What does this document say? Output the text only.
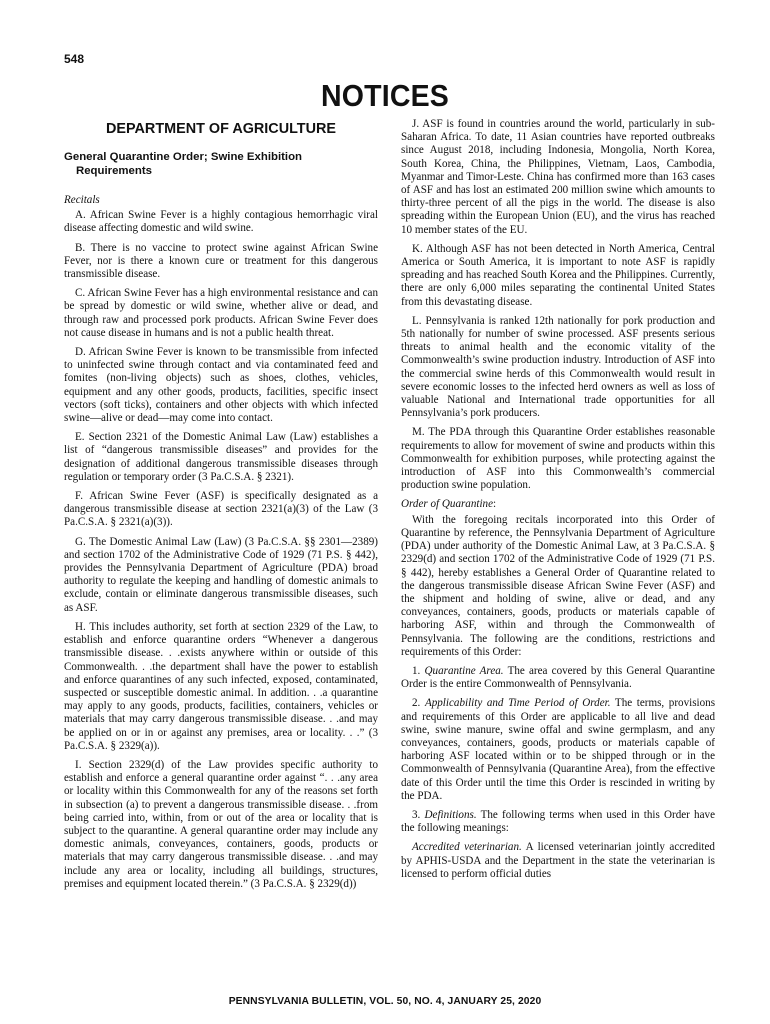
548
NOTICES
DEPARTMENT OF AGRICULTURE
General Quarantine Order; Swine Exhibition Requirements
Recitals

A. African Swine Fever is a highly contagious hemorrhagic viral disease affecting domestic and wild swine.

B. There is no vaccine to protect swine against African Swine Fever, nor is there a known cure or treatment for this dangerous transmissible disease.

C. African Swine Fever has a high environmental resistance and can be spread by domestic or wild swine, whether alive or dead, and through raw and processed pork products. African Swine Fever does not cause disease in humans and is not a public health threat.

D. African Swine Fever is known to be transmissible from infected to uninfected swine through contact and via contaminated feed and fomites (non-living objects) such as shoes, clothes, vehicles, equipment and any other goods, products, facilities, specific insect vectors (soft ticks), containers and other objects with which infected swine—alive or dead—may come into contact.

E. Section 2321 of the Domestic Animal Law (Law) establishes a list of “dangerous transmissible diseases” and provides for the designation of additional dangerous transmissible diseases through regulation or temporary order (3 Pa.C.S.A. § 2321).

F. African Swine Fever (ASF) is specifically designated as a dangerous transmissible disease at section 2321(a)(3) of the Law (3 Pa.C.S.A. § 2321(a)(3)).

G. The Domestic Animal Law (Law) (3 Pa.C.S.A. §§ 2301—2389) and section 1702 of the Administrative Code of 1929 (71 P.S. § 442), provides the Pennsylvania Department of Agriculture (PDA) broad authority to regulate the keeping and handling of domestic animals to exclude, contain or eliminate dangerous transmissible diseases, such as ASF.

H. This includes authority, set forth at section 2329 of the Law, to establish and enforce quarantine orders “Whenever a dangerous transmissible disease. . .exists anywhere within or outside of this Commonwealth. . .the department shall have the power to establish and enforce quarantines of any such infected, exposed, contaminated, suspected or susceptible domestic animal. In addition. . .a quarantine may apply to any goods, products, facilities, containers, vehicles or materials that may carry dangerous transmissible disease. . .and may be applied on or in or against any premises, area or locality. . .” (3 Pa.C.S.A. § 2329(a)).

I. Section 2329(d) of the Law provides specific authority to establish and enforce a general quarantine order against “. . .any area or locality within this Commonwealth for any of the reasons set forth in subsection (a) to prevent a dangerous transmissible disease. . .from being carried into, within, from or out of the area or locality that is subject to the quarantine. A general quarantine order may include any domestic animals, conveyances, containers, goods, products or materials that may carry dangerous transmissible disease. . .and may include any area or locality, including all buildings, structures, premises and equipment located therein.” (3 Pa.C.S.A. § 2329(d))

J. ASF is found in countries around the world, particularly in sub-Saharan Africa. To date, 11 Asian countries have reported outbreaks since August 2018, including Indonesia, Mongolia, North Korea, South Korea, China, the Philippines, Vietnam, Laos, Cambodia, Myanmar and Timor-Leste. China has confirmed more than 163 cases of ASF and has lost an estimated 200 million swine which amounts to thirty-three percent of all the pigs in the world. The disease is also spreading within the European Union (EU), and the virus has reached 10 member states of the EU.

K. Although ASF has not been detected in North America, Central America or South America, it is important to note ASF is rapidly spreading and has reached South Korea and the Philippines. Currently, there are only 6,000 miles separating the continental United States from this devastating disease.

L. Pennsylvania is ranked 12th nationally for pork production and 5th nationally for number of swine processed. ASF presents serious threats to animal health and the economic vitality of the Commonwealth’s swine production industry. Introduction of ASF into the commercial swine herds of this Commonwealth would result in severe economic losses to the infected herd owners as well as loss of valuable National and International trade opportunities for all Pennsylvania’s pork producers.

M. The PDA through this Quarantine Order establishes reasonable requirements to allow for movement of swine and products within this Commonwealth for exhibition purposes, while protecting against the introduction of ASF into this Commonwealth’s commercial production swine population.

Order of Quarantine:

With the foregoing recitals incorporated into this Order of Quarantine by reference, the Pennsylvania Department of Agriculture (PDA) under authority of the Domestic Animal Law, at 3 Pa.C.S.A. § 2329(d) and section 1702 of the Administrative Code of 1929 (71 P.S. § 442), hereby establishes a General Order of Quarantine related to the dangerous transmissible disease African Swine Fever (ASF) and the shipment and holding of swine, alive or dead, and any conveyances, containers, goods, products or materials capable of harboring ASF, within and through the Commonwealth of Pennsylvania. The following are the conditions, restrictions and requirements of this Order:

1. Quarantine Area. The area covered by this General Quarantine Order is the entire Commonwealth of Pennsylvania.

2. Applicability and Time Period of Order. The terms, provisions and requirements of this Order are applicable to all live and dead swine, swine manure, swine offal and swine germplasm, and any conveyances, containers, goods, products or materials capable of harboring ASF located within or to be shipped through or in the Commonwealth of Pennsylvania (Quarantine Area), from the effective date of this Order until the time this Order is rescinded in writing by the PDA.

3. Definitions. The following terms when used in this Order have the following meanings:

Accredited veterinarian. A licensed veterinarian jointly accredited by APHIS-USDA and the Department in the state the veterinarian is licensed to perform official duties

PENNSYLVANIA BULLETIN, VOL. 50, NO. 4, JANUARY 25, 2020
